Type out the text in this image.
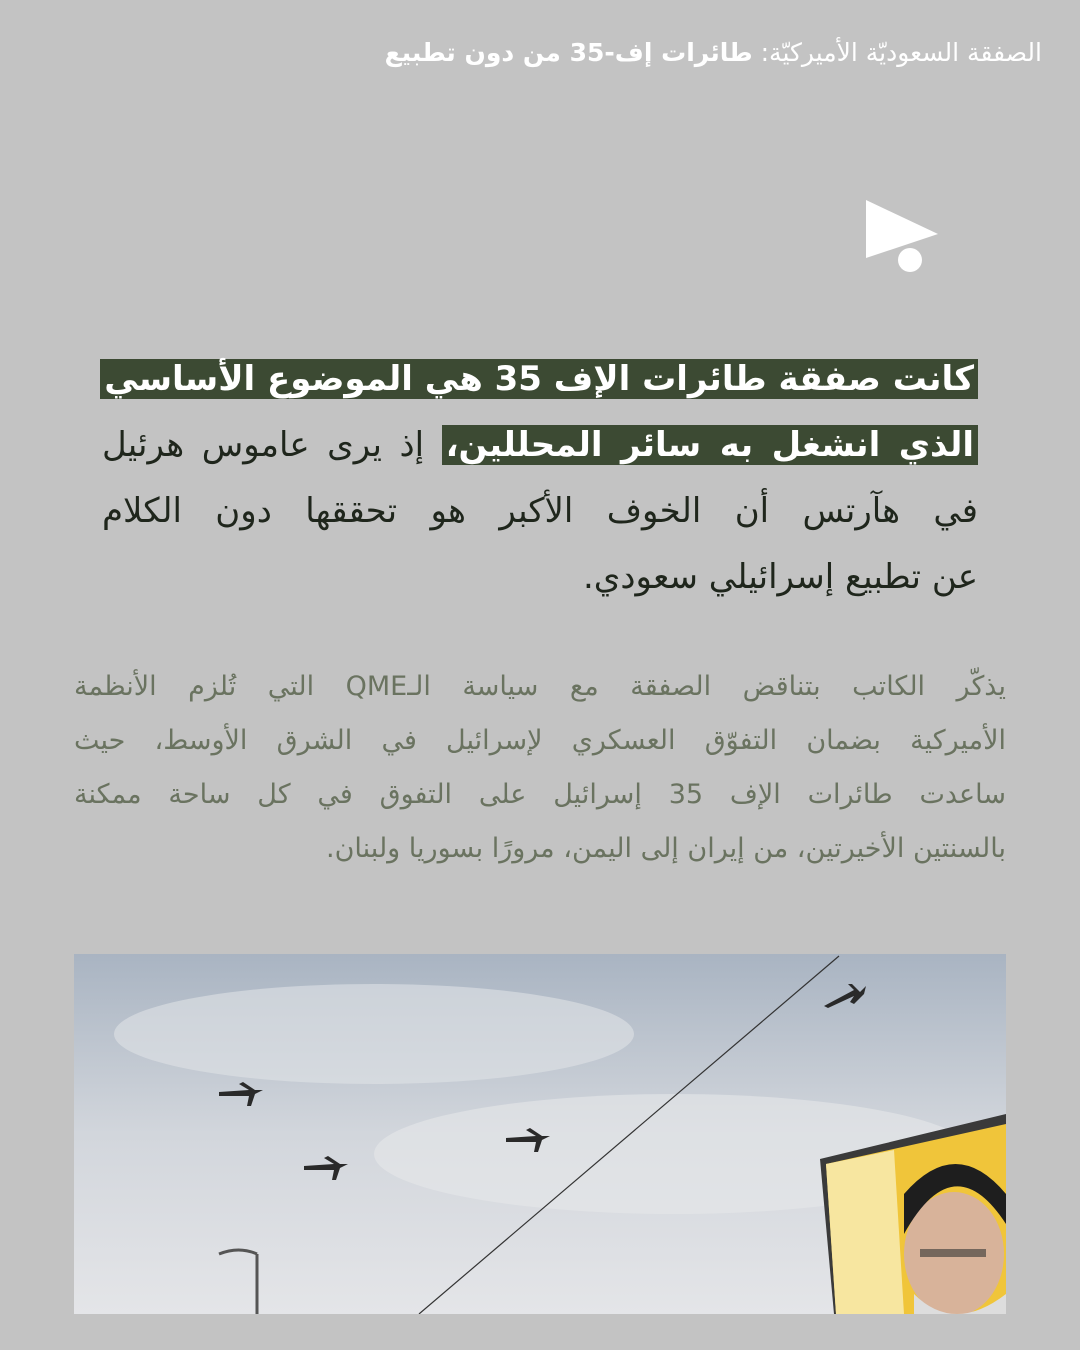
الصفقة السعوديّة الأميركيّة: طائرات إف-35 من دون تطبيع
كانت صفقة طائرات الإف 35 هي الموضوع الأساسي
الذي انشغل به سائر المحللين، إذ يرى عاموس هرئيل
في هآرتس أن الخوف الأكبر هو تحققها دون الكلام
عن تطبيع إسرائيلي سعودي.
يذكّر الكاتب بتناقض الصفقة مع سياسة الـQME التي تُلزم الأنظمة
الأميركية بضمان التفوّق العسكري لإسرائيل في الشرق الأوسط، حيث
ساعدت طائرات الإف 35 إسرائيل على التفوق في كل ساحة ممكنة
بالسنتين الأخيرتين، من إيران إلى اليمن، مرورًا بسوريا ولبنان.
